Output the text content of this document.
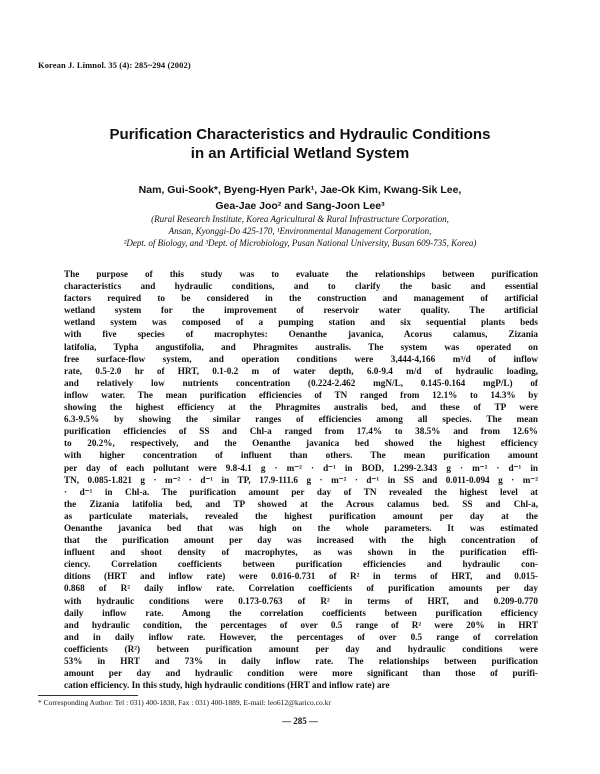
Korean J. Limnol. 35 (4): 285~294 (2002)
Purification Characteristics and Hydraulic Conditions
in an Artificial Wetland System
Nam, Gui-Sook*, Byeng-Hyen Park¹, Jae-Ok Kim, Kwang-Sik Lee,
Gea-Jae Joo² and Sang-Joon Lee³
(Rural Research Institute, Korea Agricultural & Rural Infrastructure Corporation,
Ansan, Kyonggi-Do 425-170, ¹Environmental Management Corporation,
²Dept. of Biology, and ³Dept. of Microbiology, Pusan National University, Busan 609-735, Korea)
The purpose of this study was to evaluate the relationships between purification
characteristics and hydraulic conditions, and to clarify the basic and essential
factors required to be considered in the construction and management of artificial
wetland system for the improvement of reservoir water quality. The artificial
wetland system was composed of a pumping station and six sequential plants beds
with five species of macrophytes: Oenanthe javanica, Acorus calamus, Zizania
latifolia, Typha angustifolia, and Phragmites australis. The system was operated on
free surface-flow system, and operation conditions were 3,444-4,166 m³/d of inflow
rate, 0.5-2.0 hr of HRT, 0.1-0.2 m of water depth, 6.0-9.4 m/d of hydraulic loading,
and relatively low nutrients concentration (0.224-2.462 mgN/L, 0.145-0.164 mgP/L) of
inflow water. The mean purification efficiencies of TN ranged from 12.1% to 14.3% by
showing the highest efficiency at the Phragmites australis bed, and these of TP were
6.3-9.5% by showing the similar ranges of efficiencies among all species. The mean
purification efficiencies of SS and Chl-a ranged from 17.4% to 38.5% and from 12.6%
to 20.2%, respectively, and the Oenanthe javanica bed showed the highest efficiency
with higher concentration of influent than others. The mean purification amount
per day of each pollutant were 9.8-4.1 g · m⁻² · d⁻¹ in BOD, 1.299-2.343 g · m⁻² · d⁻¹ in
TN, 0.085-1.821 g · m⁻² · d⁻¹ in TP, 17.9-111.6 g · m⁻² · d⁻¹ in SS and 0.011-0.094 g · m⁻²
· d⁻¹ in Chl-a. The purification amount per day of TN revealed the highest level at
the Zizania latifolia bed, and TP showed at the Acrous calamus bed. SS and Chl-a,
as particulate materials, revealed the highest purification amount per day at the
Oenanthe javanica bed that was high on the whole parameters. It was estimated
that the purification amount per day was increased with the high concentration of
influent and shoot density of macrophytes, as was shown in the purification effi-
ciency. Correlation coefficients between purification efficiencies and hydraulic con-
ditions (HRT and inflow rate) were 0.016-0.731 of R² in terms of HRT, and 0.015-
0.868 of R² daily inflow rate. Correlation coefficients of purification amounts per day
with hydraulic conditions were 0.173-0.763 of R² in terms of HRT, and 0.209-0.770
daily inflow rate. Among the correlation coefficients between purification efficiency
and hydraulic condition, the percentages of over 0.5 range of R² were 20% in HRT
and in daily inflow rate. However, the percentages of over 0.5 range of correlation
coefficients (R²) between purification amount per day and hydraulic conditions were
53% in HRT and 73% in daily inflow rate. The relationships between purification
amount per day and hydraulic condition were more significant than those of purifi-
cation efficiency. In this study, high hydraulic conditions (HRT and inflow rate) are
* Corresponding Author: Tel : 031) 400-1838, Fax : 031) 400-1889, E-mail: leo612@karico.co.kr
— 285 —
